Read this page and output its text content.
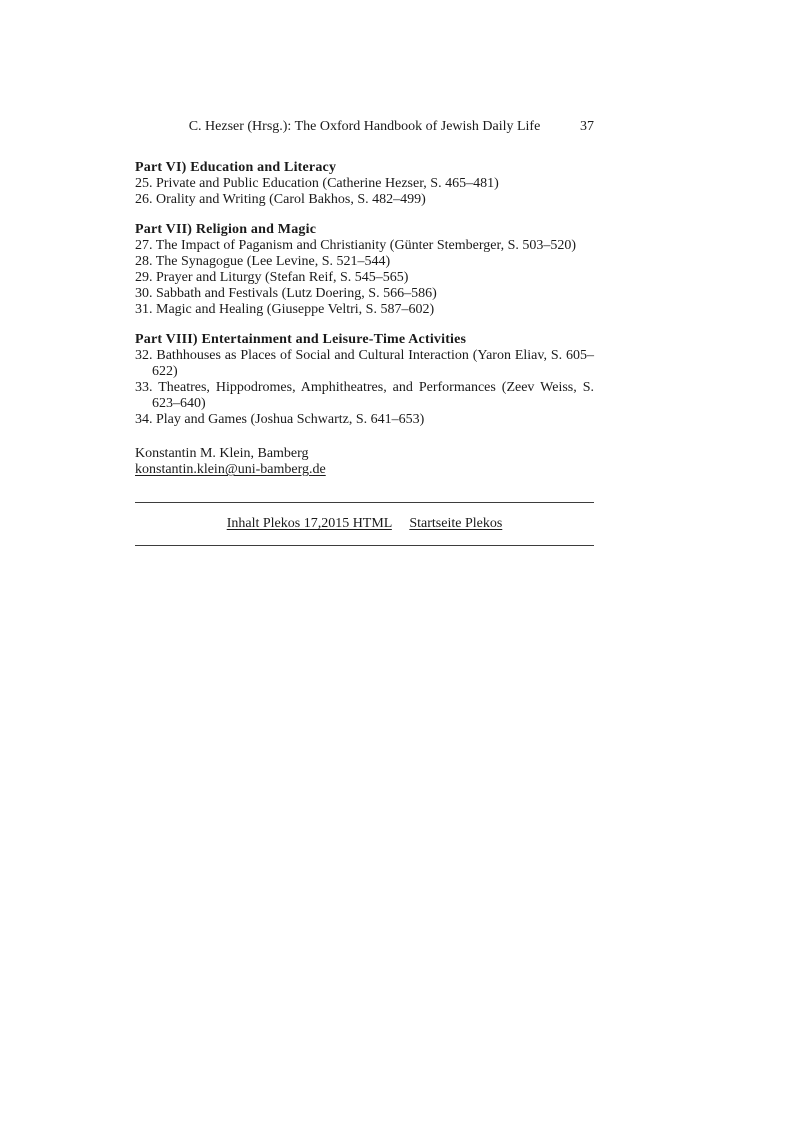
C. Hezser (Hrsg.): The Oxford Handbook of Jewish Daily Life	37
Part VI) Education and Literacy

25. Private and Public Education (Catherine Hezser, S. 465–481)

26. Orality and Writing (Carol Bakhos, S. 482–499)

Part VII) Religion and Magic

27. The Impact of Paganism and Christianity (Günter Stemberger, S. 503–520)

28. The Synagogue (Lee Levine, S. 521–544)

29. Prayer and Liturgy (Stefan Reif, S. 545–565)

30. Sabbath and Festivals (Lutz Doering, S. 566–586)

31. Magic and Healing (Giuseppe Veltri, S. 587–602)

Part VIII) Entertainment and Leisure-Time Activities

32. Bathhouses as Places of Social and Cultural Interaction (Yaron Eliav, S. 605–622)

33. Theatres, Hippodromes, Amphitheatres, and Performances (Zeev Weiss, S. 623–640)

34. Play and Games (Joshua Schwartz, S. 641–653)

Konstantin M. Klein, Bamberg

konstantin.klein@uni-bamberg.de

Inhalt Plekos 17,2015 HTML Startseite Plekos
